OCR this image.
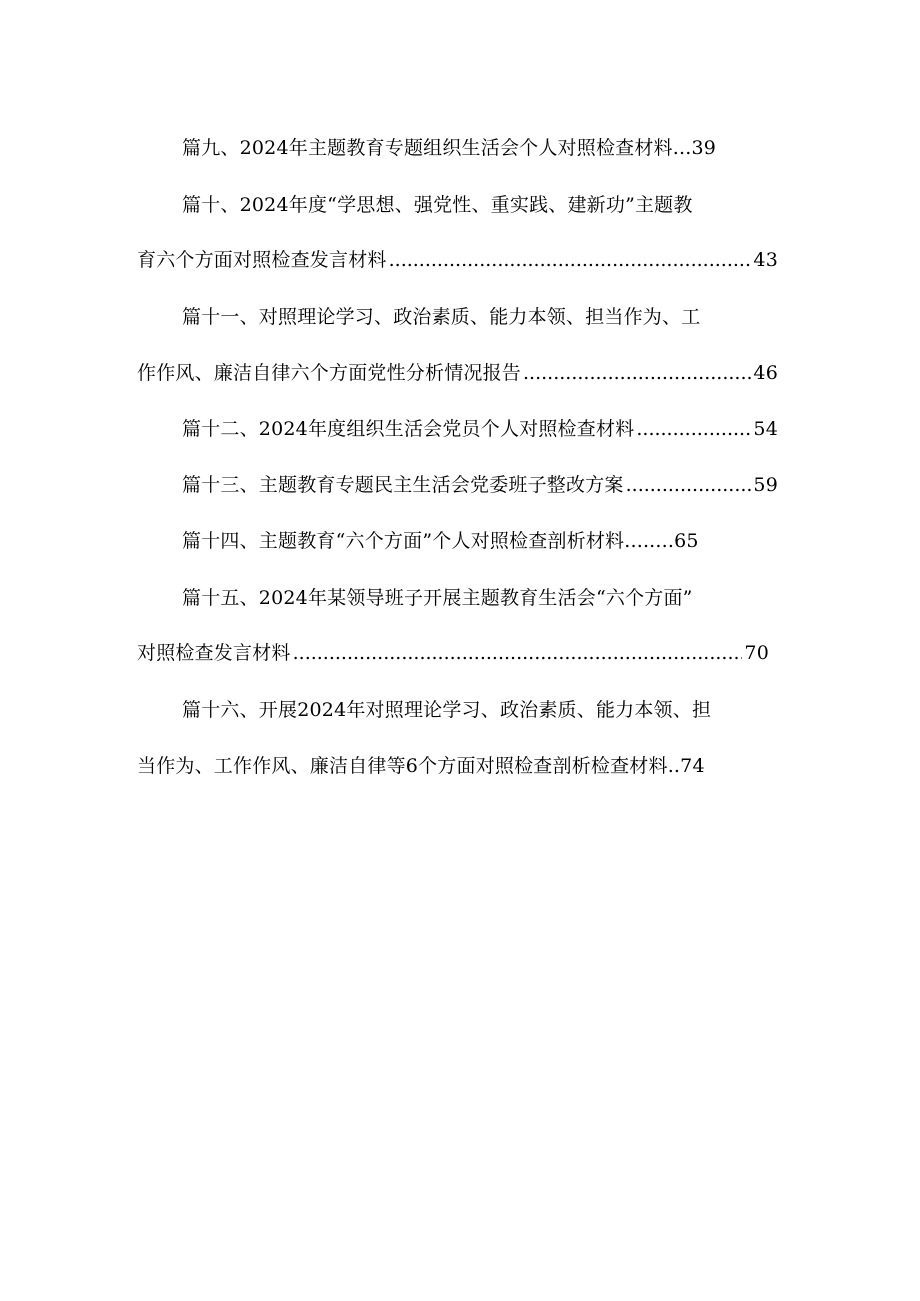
篇九、2024年主题教育专题组织生活会个人对照检查材料...39
篇十、2024年度“学思想、强党性、重实践、建新功”主题教
育六个方面对照检查发言材料 .....	43
篇十一、对照理论学习、政治素质、能力本领、担当作为、工
作作风、廉洁自律六个方面党性分析情况报告 .....	46
篇十二、2024年度组织生活会党员个人对照检查材料 .....	54
篇十三、主题教育专题民主生活会党委班子整改方案 .....	59
篇十四、主题教育“六个方面”个人对照检查剖析材料........65
篇十五、2024年某领导班子开展主题教育生活会“六个方面”
对照检查发言材料 .....	70
篇十六、开展2024年对照理论学习、政治素质、能力本领、担
当作为、工作作风、廉洁自律等6个方面对照检查剖析检查材料..74
